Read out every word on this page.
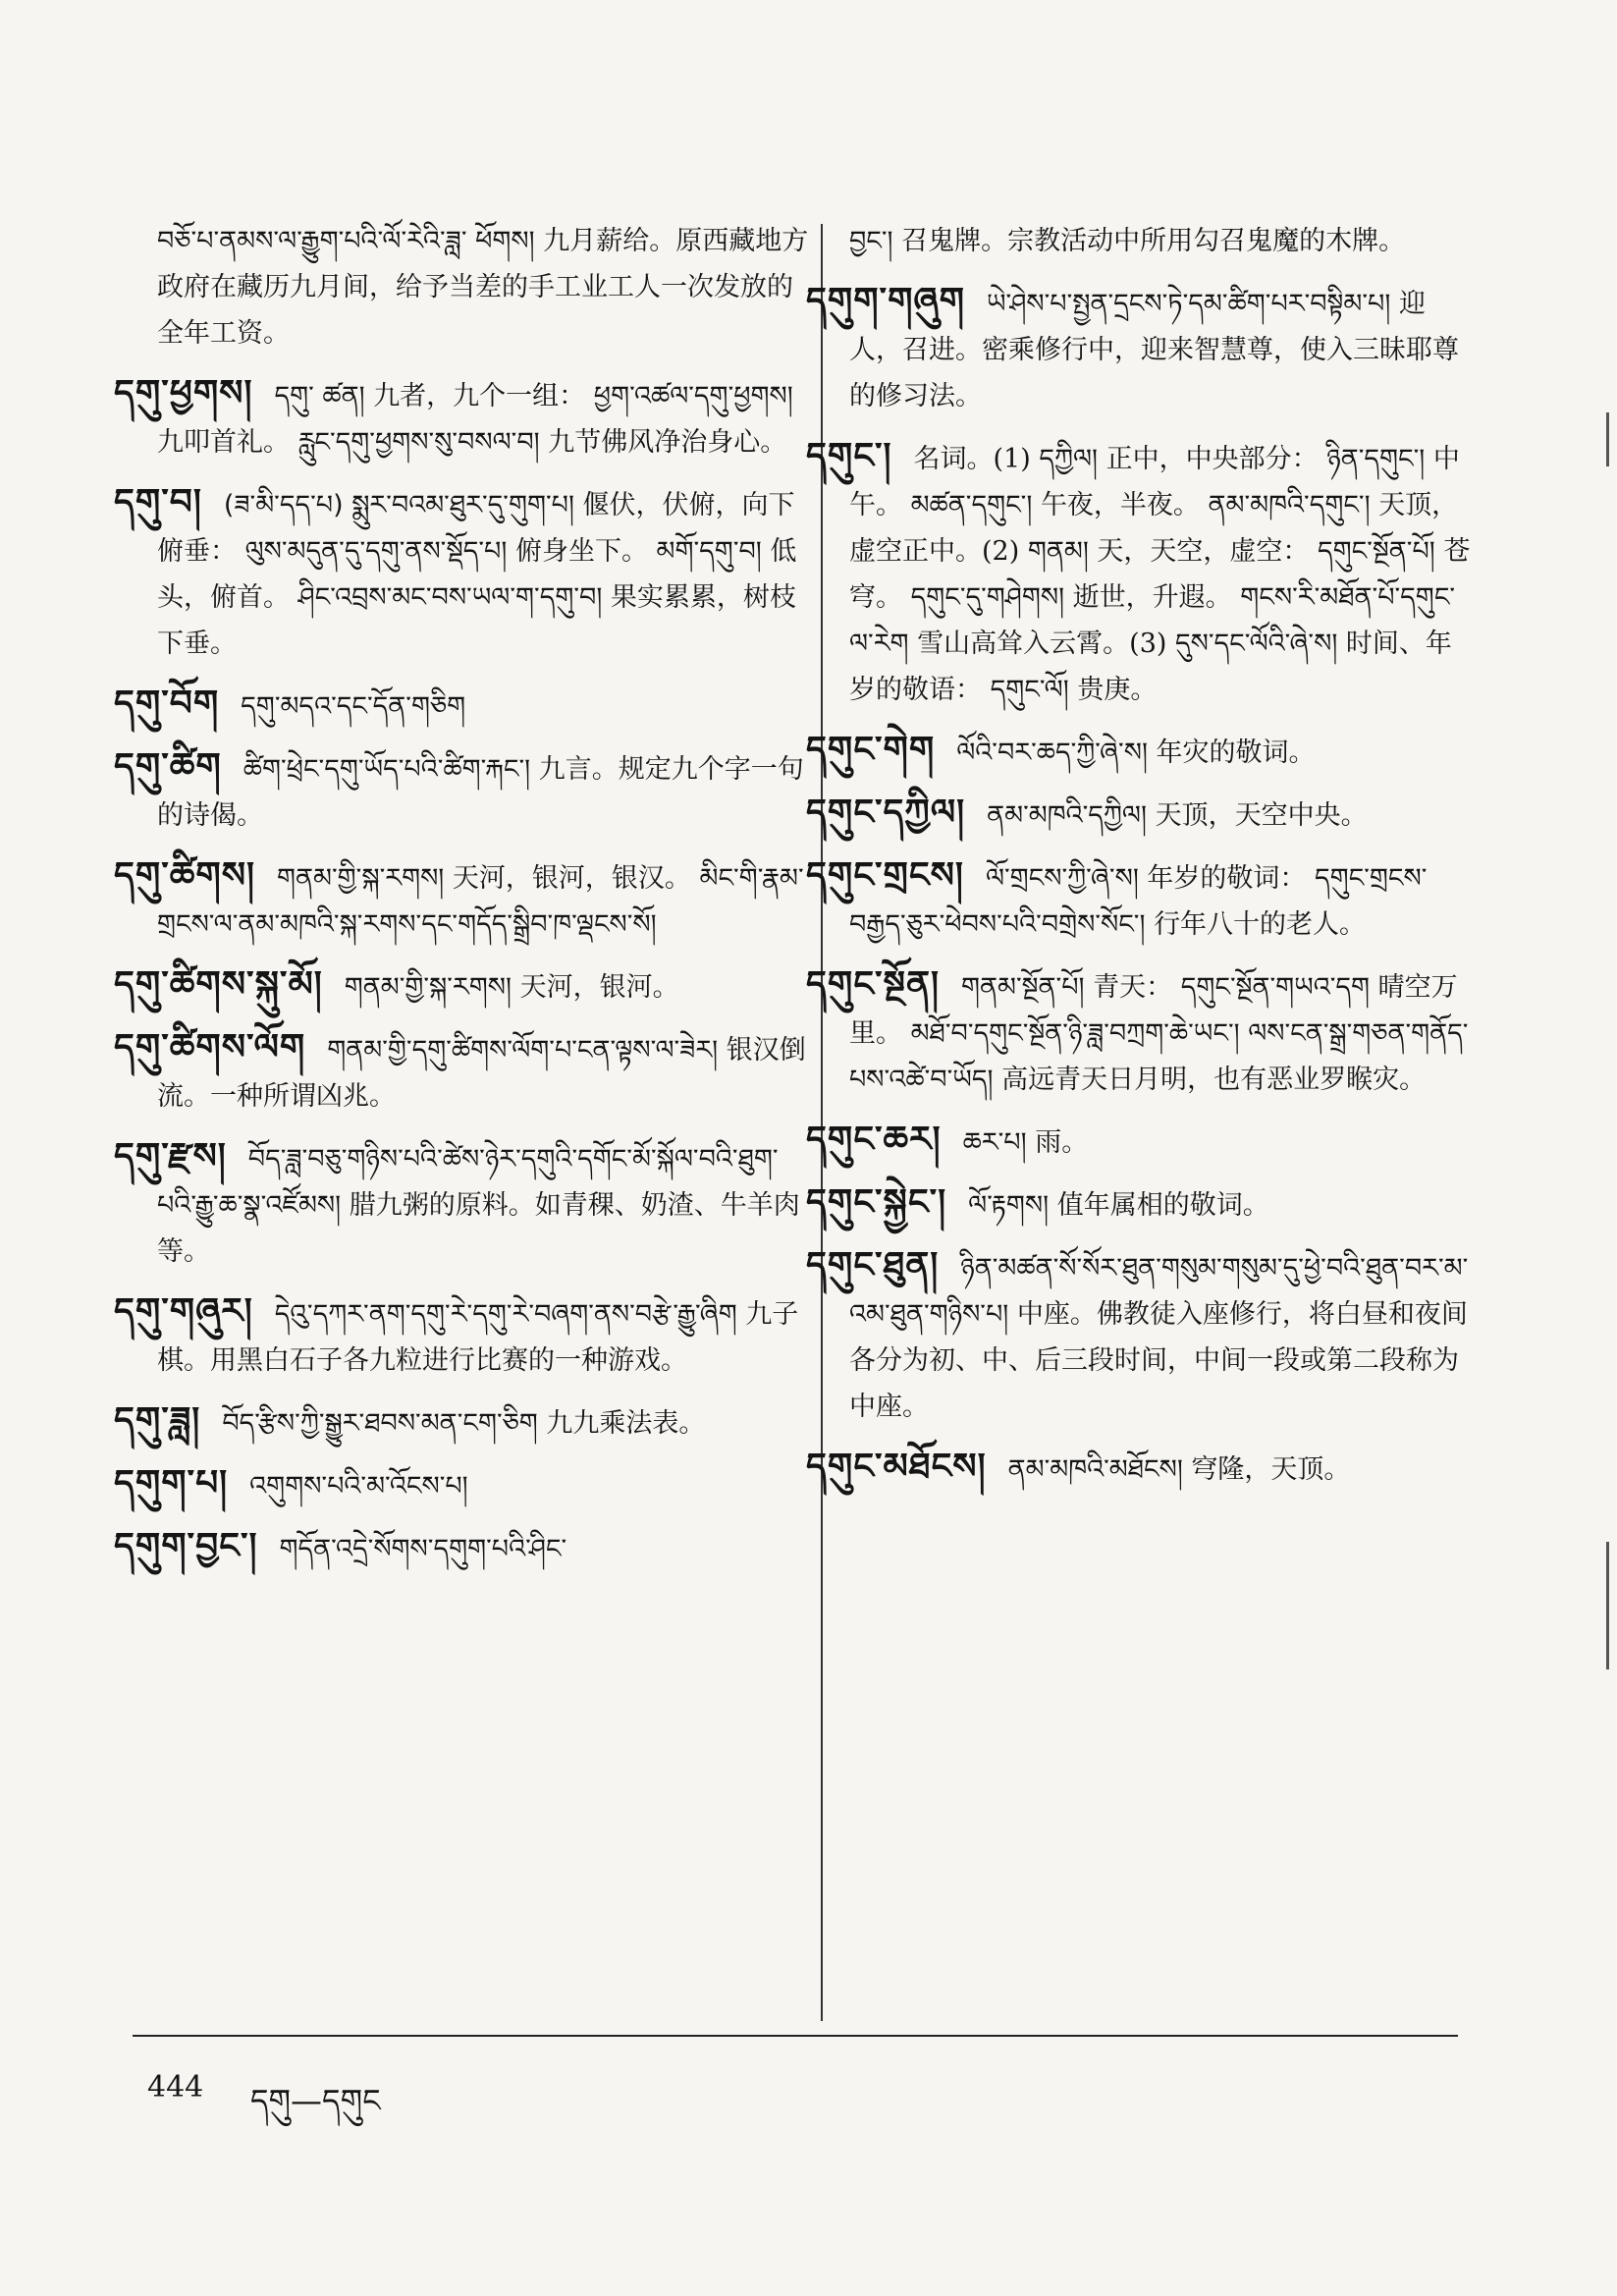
བཅོ་པ་ནམས་ལ་རྒྱུག་པའི་ལོ་རེའི་ཟླ་ ཕོགས། 九月薪给。原西藏地方政府在藏历九月间，给予当差的手工业工人一次发放的全年工资。
དགུ་ཕྱགས། དགུ་ ཚན། 九者，九个一组： ཕྱག་འཚལ་དགུ་ཕྱགས། 九叩首礼。 རླུང་དགུ་ཕྱགས་སུ་བསལ་བ། 九节佛风净治身心。
དགུ་བ། (ཟ་མི་དད་པ) སྨུར་བའམ་ཐུར་དུ་གུག་པ། 偃伏，伏俯，向下俯垂： ལུས་མདུན་དུ་དགུ་ནས་སྡོད་པ། 俯身坐下。 མགོ་དགུ་བ། 低头，俯首。 ཤིང་འབྲས་མང་བས་ཡལ་ག་དགུ་བ། 果实累累，树枝下垂。
དགུ་བོག དགུ་མདའ་དང་དོན་གཅིག
དགུ་ཚིག ཚིག་ཕྲེང་དགུ་ཡོད་པའི་ཚིག་རྐང་། 九言。规定九个字一句的诗偈。
དགུ་ཚིགས། གནམ་གྱི་སྐ་རགས། 天河，银河，银汉。 མིང་གི་རྣམ་གྲངས་ལ་ནམ་མཁའི་སྐ་རགས་དང་གདོད་སྒྲིབ་ཁ་ལྡངས་སོ།
དགུ་ཚིགས་སྐུ་མོ། གནམ་གྱི་སྐ་རགས། 天河，银河。
དགུ་ཚིགས་ལོག གནམ་གྱི་དགུ་ཚིགས་ལོག་པ་ངན་ལྟས་ལ་ཟེར། 银汉倒流。一种所谓凶兆。
དགུ་རྫས། བོད་ཟླ་བཅུ་གཉིས་པའི་ཚེས་ཉེར་དགུའི་དགོང་མོ་སྐོལ་བའི་ཐུག་པའི་རྒྱུ་ཆ་སྣ་འཛོམས། 腊九粥的原料。如青稞、奶渣、牛羊肉等。
དགུ་གཞུར། དེའུ་དཀར་ནག་དགུ་རེ་དགུ་རེ་བཞག་ནས་བརྩེ་རྒྱུ་ཞིག 九子棋。用黑白石子各九粒进行比赛的一种游戏。
དགུ་ཟླ། བོད་རྩིས་ཀྱི་སྒྱུར་ཐབས་མན་ངག་ཅིག 九九乘法表。
དགུག་པ། འགུགས་པའི་མ་འོངས་པ།
དགུག་བྱང་། གདོན་འདྲེ་སོགས་དགུག་པའི་ཤིང་
བྱང་། 召鬼牌。宗教活动中所用勾召鬼魔的木牌。
དགུག་གཞུག ཡེ་ཤེས་པ་སྤྱན་དྲངས་ཏེ་དམ་ཚིག་པར་བསྟིམ་པ། 迎人，召进。密乘修行中，迎来智慧尊，使入三昧耶尊的修习法。
དགུང་། 名词。(1) དཀྱིལ། 正中，中央部分： ཉིན་དགུང་། 中午。 མཚན་དགུང་། 午夜，半夜。 ནམ་མཁའི་དགུང་། 天顶，虚空正中。(2) གནམ། 天，天空，虚空： དགུང་སྔོན་པོ། 苍穹。 དགུང་དུ་གཤེགས། 逝世，升遐。 གངས་རི་མཐོན་པོ་དགུང་ལ་རེག 雪山高耸入云霄。(3) དུས་དང་ལོའི་ཞེ་ས། 时间、年岁的敬语： དགུང་ལོ། 贵庚。
དགུང་གེག ལོའི་བར་ཆད་ཀྱི་ཞེ་ས། 年灾的敬词。
དགུང་དཀྱིལ། ནམ་མཁའི་དཀྱིལ། 天顶，天空中央。
དགུང་གྲངས། ལོ་གྲངས་ཀྱི་ཞེ་ས། 年岁的敬词： དགུང་གྲངས་བརྒྱད་ཅུར་ཕེབས་པའི་བགྲེས་སོང་། 行年八十的老人。
དགུང་སྔོན། གནམ་སྔོན་པོ། 青天： དགུང་སྔོན་གཡའ་དག 晴空万里。 མཐོ་བ་དགུང་སྔོན་ཉི་ཟླ་བཀྲག་ཆེ་ཡང་། ལས་ངན་སྒྲ་གཅན་གནོད་པས་འཚེ་བ་ཡོད། 高远青天日月明，也有恶业罗睺灾。
དགུང་ཆར། ཆར་པ། 雨。
དགུང་སྐྱེང་། ལོ་རྟགས། 值年属相的敬词。
དགུང་ཐུན། ཉིན་མཚན་སོ་སོར་ཐུན་གསུམ་གསུམ་དུ་ཕྱེ་བའི་ཐུན་བར་མ་འམ་ཐུན་གཉིས་པ། 中座。佛教徒入座修行，将白昼和夜间各分为初、中、后三段时间，中间一段或第二段称为中座。
དགུང་མཐོངས། ནམ་མཁའི་མཐོངས། 穹隆，天顶。
444 དགུ—དགུང
